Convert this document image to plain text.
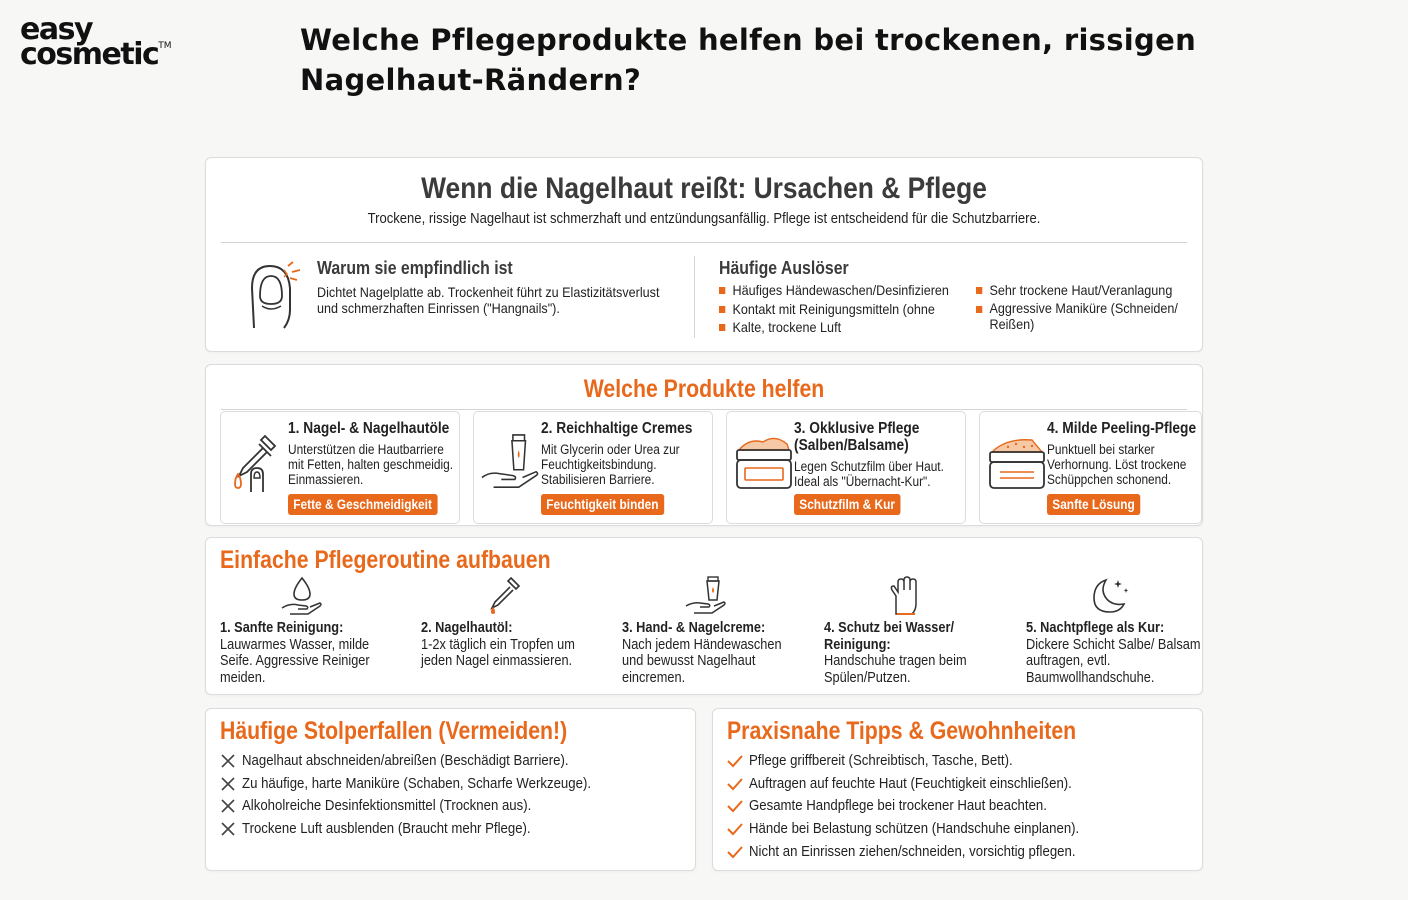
easy
cosmetic™	Welche Pflegeprodukte helfen bei trockenen, rissigen Nagelhaut-Rändern?
Wenn die Nagelhaut reißt: Ursachen & Pflege
Trockene, rissige Nagelhaut ist schmerzhaft und entzündungsanfällig. Pflege ist entscheidend für die Schutzbarriere.
Warum sie empfindlich ist
Dichtet Nagelplatte ab. Trockenheit führt zu Elastizitätsverlust und schmerzhaften Einrissen ("Hangnails").
Häufige Auslöser
Häufiges Händewaschen/Desinfizieren
Kontakt mit Reinigungsmitteln (ohne
Kalte, trockene Luft
Sehr trockene Haut/Veranlagung
Aggressive Maniküre (Schneiden/ Reißen)
Welche Produkte helfen
1. Nagel- & Nagelhautöle
Unterstützen die Hautbarriere mit Fetten, halten geschmeidig. Einmassieren.
Fette & Geschmeidigkeit
2. Reichhaltige Cremes
Mit Glycerin oder Urea zur Feuchtigkeitsbindung. Stabilisieren Barriere.
Feuchtigkeit binden
3. Okklusive Pflege (Salben/Balsame)
Legen Schutzfilm über Haut. Ideal als "Übernacht-Kur".
Schutzfilm & Kur
4. Milde Peeling-Pflege
Punktuell bei starker Verhornung. Löst trockene Schüppchen schonend.
Sanfte Lösung
Einfache Pflegeroutine aufbauen
1. Sanfte Reinigung:
Lauwarmes Wasser, milde Seife. Aggressive Reiniger meiden.
2. Nagelhautöl:
1-2x täglich ein Tropfen um jeden Nagel einmassieren.
3. Hand- & Nagelcreme:
Nach jedem Händewaschen und bewusst Nagelhaut eincremen.
4. Schutz bei Wasser/ Reinigung:
Handschuhe tragen beim Spülen/Putzen.
5. Nachtpflege als Kur:
Dickere Schicht Salbe/ Balsam auftragen, evtl. Baumwollhandschuhe.
Häufige Stolperfallen (Vermeiden!)
Nagelhaut abschneiden/abreißen (Beschädigt Barriere).
Zu häufige, harte Maniküre (Schaben, Scharfe Werkzeuge).
Alkoholreiche Desinfektionsmittel (Trocknen aus).
Trockene Luft ausblenden (Braucht mehr Pflege).
Praxisnahe Tipps & Gewohnheiten
Pflege griffbereit (Schreibtisch, Tasche, Bett).
Auftragen auf feuchte Haut (Feuchtigkeit einschließen).
Gesamte Handpflege bei trockener Haut beachten.
Hände bei Belastung schützen (Handschuhe einplanen).
Nicht an Einrissen ziehen/schneiden, vorsichtig pflegen.
